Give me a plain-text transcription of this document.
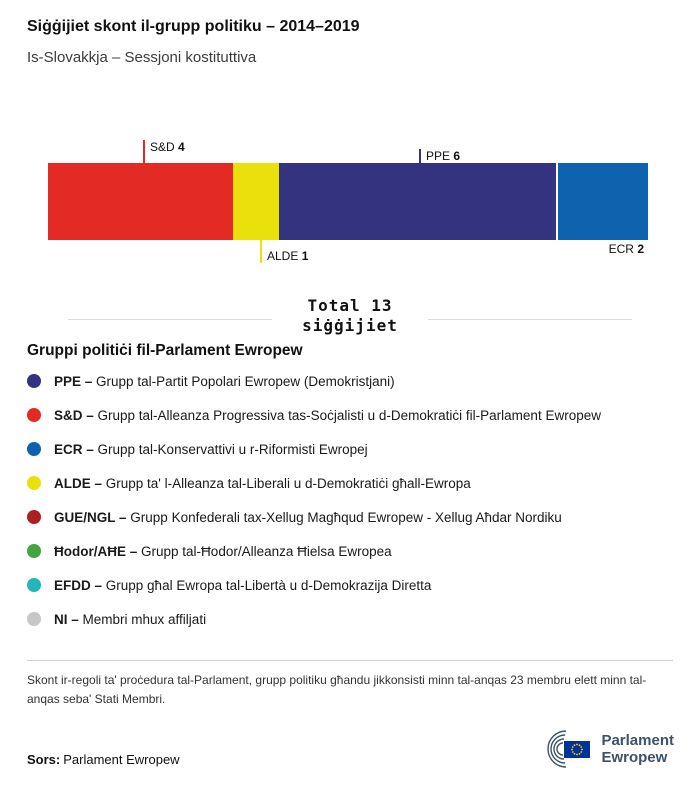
Siġġijiet skont il-grupp politiku – 2014–2019
Is-Slovakkja – Sessjoni kostituttiva
S&D 4
PPE 6
ALDE 1	ECR 2
Total 13
siġġijiet
Gruppi politiċi fil-Parlament Ewropew
PPE – Grupp tal-Partit Popolari Ewropew (Demokristjani)
S&D – Grupp tal-Alleanza Progressiva tas-Soċjalisti u d-Demokratiċi fil-Parlament Ewropew
ECR – Grupp tal-Konservattivi u r-Riformisti Ewropej
ALDE – Grupp ta' l-Alleanza tal-Liberali u d-Demokratiċi għall-Ewropa
GUE/NGL – Grupp Konfederali tax-Xellug Magħqud Ewropew - Xellug Aħdar Nordiku
Ħodor/AĦE – Grupp tal-Ħodor/Alleanza Ħielsa Ewropea
EFDD – Grupp għal Ewropa tal-Libertà u d-Demokrazija Diretta
NI – Membri mhux affiljati
Skont ir-regoli ta' proċedura tal-Parlament, grupp politiku għandu jikkonsisti minn tal-anqas 23 membru elett minn tal-anqas seba' Stati Membri.
Sors: Parlament Ewropew
Parlament
Ewropew
